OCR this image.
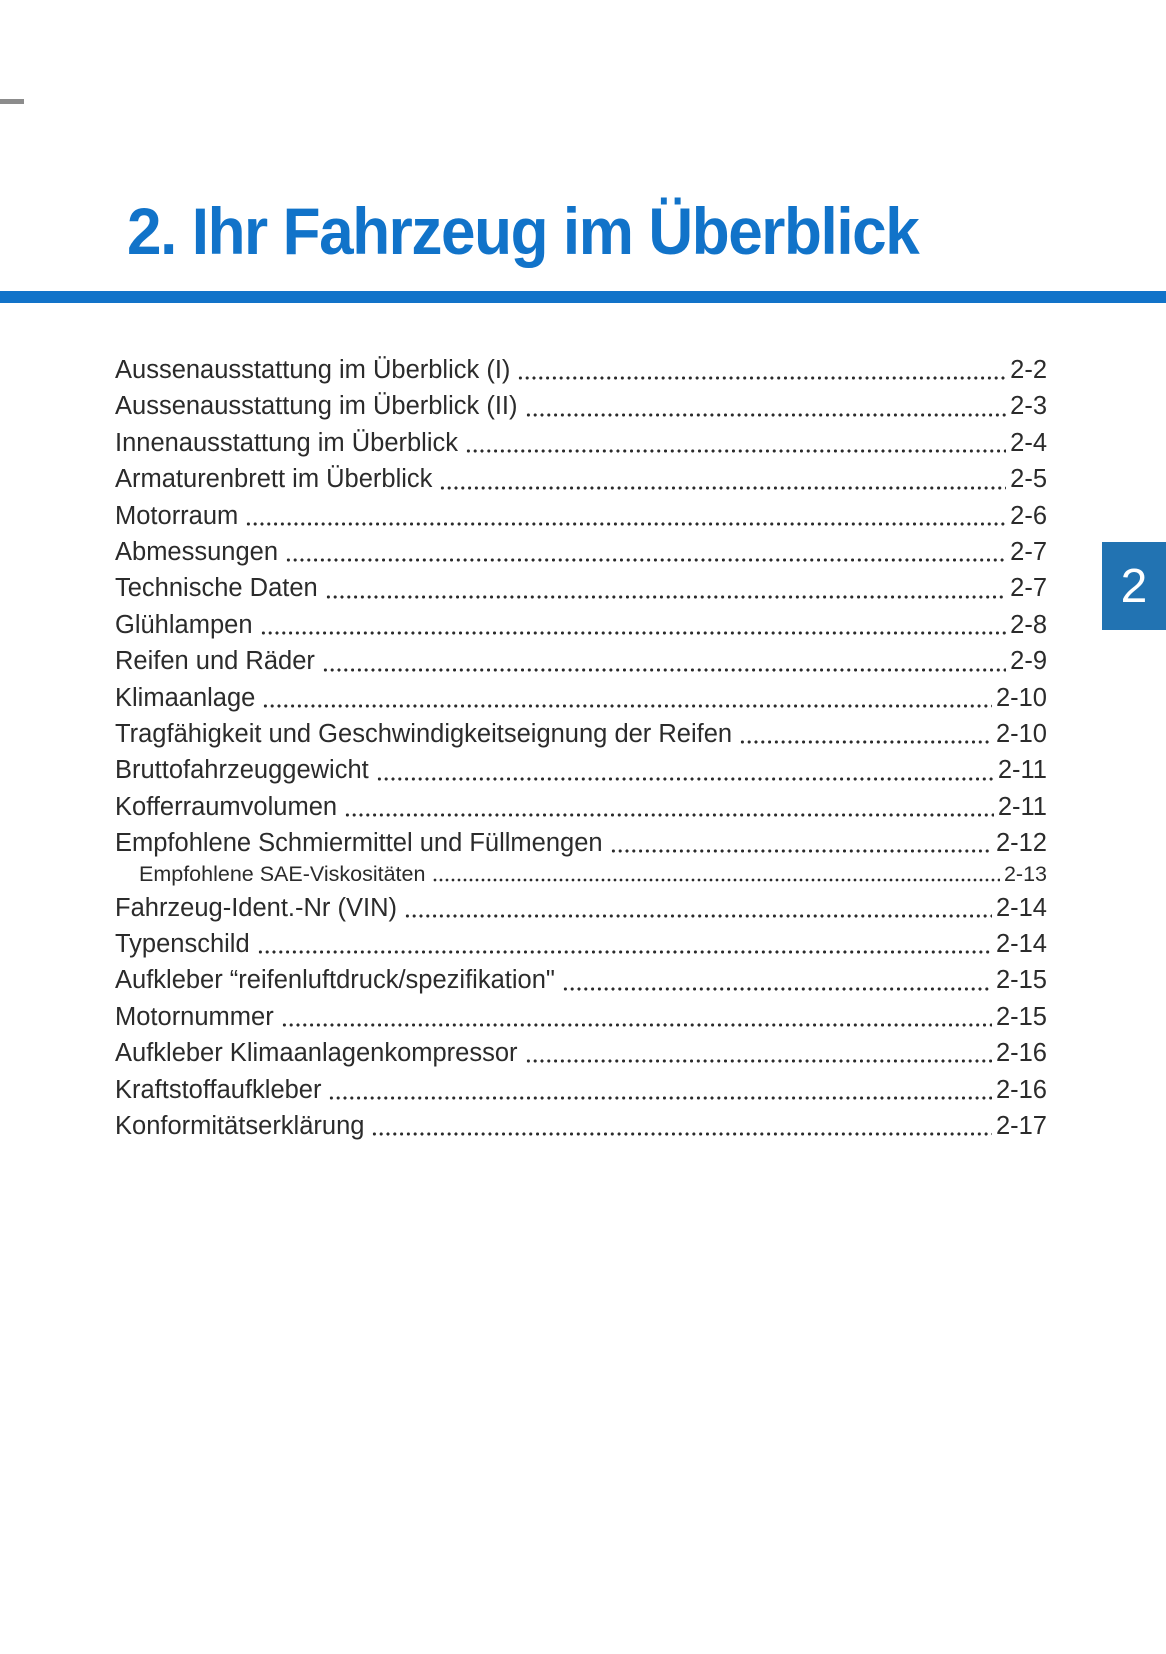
2. Ihr Fahrzeug im Überblick
2
Aussenausstattung im Überblick (I)	2-2
Aussenausstattung im Überblick (II)	2-3
Innenausstattung im Überblick	2-4
Armaturenbrett im Überblick	2-5
Motorraum	2-6
Abmessungen	2-7
Technische Daten	2-7
Glühlampen	2-8
Reifen und Räder	2-9
Klimaanlage	2-10
Tragfähigkeit und Geschwindigkeitseignung der Reifen	2-10
Bruttofahrzeuggewicht	2-11
Kofferraumvolumen	2-11
Empfohlene Schmiermittel und Füllmengen	2-12
Empfohlene SAE-Viskositäten	2-13
Fahrzeug-Ident.-Nr (VIN)	2-14
Typenschild	2-14
Aufkleber “reifenluftdruck/spezifikation"	2-15
Motornummer	2-15
Aufkleber Klimaanlagenkompressor	2-16
Kraftstoffaufkleber	2-16
Konformitätserklärung	2-17
